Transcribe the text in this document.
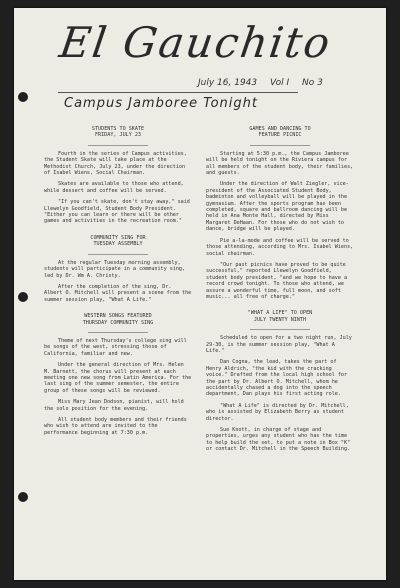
El Gauchito
July 16, 1943 Vol I No 3
Campus Jamboree Tonight
STUDENTS TO SKATE
FRIDAY, JULY 23

Fourth in the series of Campus activities, the Student Skate will take place at the Methodist Church, July 23, under the direction of Isabel Wiens, Social Chairman.

Skates are available to those who attend, while dessert and coffee will be served.

"If you can't skate, don't stay away," said Llewelyn Goodfield, Student Body President. "Either you can learn or there will be other games and activities in the recreation room."

COMMUNITY SING FOR
TUESDAY ASSEMBLY

At the regular Tuesday morning assembly, students will participate in a community sing, led by Dr. Wm A. Christy.

After the completion of the sing, Dr. Albert O. Mitchell will present a scene from the summer session play, "What A Life."

WESTERN SONGS FEATURED
THURSDAY COMMUNITY SING

Theme of next Thursday's college sing will be songs of the west, stressing those of California, familiar and new.

Under the general direction of Mrs. Helen M. Barnett, the chorus will present at each meeting one new song from Latin America. For the last sing of the summer semester, the entire group of these songs will be reviewed.

Miss Mary Jean Dodson, pianist, will hold the solo position for the evening.

All student body members and their friends who wish to attend are invited to the performance beginning at 7:30 p.m.

GAMES AND DANCING TO
FEATURE PICNIC

Starting at 5:30 p.m., the Campus Jamboree will be held tonight on the Riviera campus for all members of the student body, their families, and guests.

Under the direction of Walt Ziegler, vice-president of the Associated Student Body, badminton and volleyball will be played in the gymnasium. After the sports program has been completed, square and ballroom dancing will be held in Ana Monte Hall, directed by Miss Margaret DeHaan. For those who do not wish to dance, bridge will be played.

Pie a-la-mode and coffee will be served to those attending, according to Mrs. Isabel Wiens, social chairman.

"Our past picnics have proved to be quite successful," reported Llewelyn Goodfield, student body president, "and we hope to have a record crowd tonight. To those who attend, we assure a wonderful time, full moon, and soft music... all free of charge."

"WHAT A LIFE" TO OPEN
JULY TWENTY NINTH

Scheduled to open for a two night run, July 29-30, is the summer session play, "What A Life."

Dan Cogna, the lead, takes the part of Henry Aldrich, "the kid with the cracking voice." Drafted from the local high school for the part by Dr. Albert O. Mitchell, whom he accidentally chased a dog into the speech department, Dan plays his first acting role.

"What A Life" is directed by Dr. Mitchell, who is assisted by Elizabeth Berry as student director.

Sue Knott, in charge of stage and properties, urges any student who has the time to help build the set, to put a note in Box "K" or contact Dr. Mitchell in the Speech Building.
